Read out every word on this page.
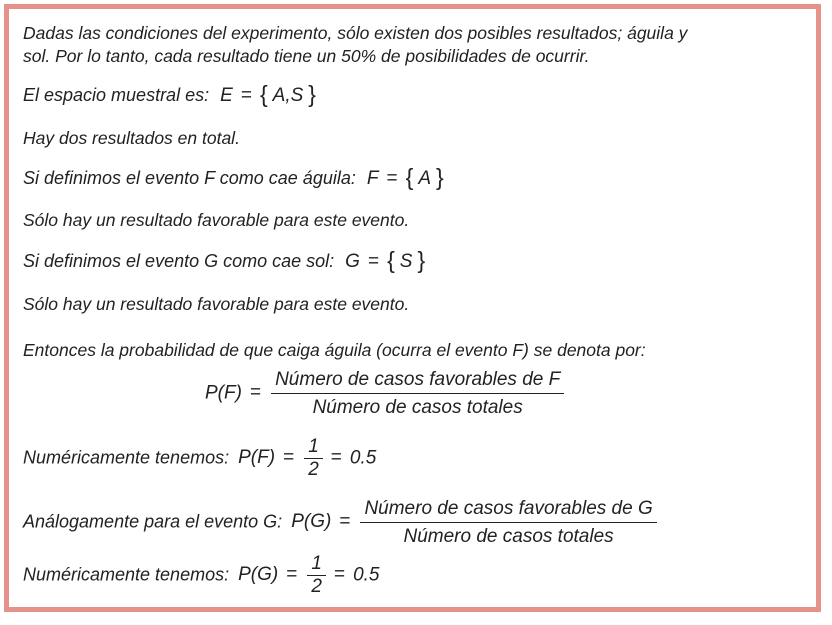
Dadas las condiciones del experimento, sólo existen dos posibles resultados; águila y
sol. Por lo tanto, cada resultado tiene un 50% de posibilidades de ocurrir.
El espacio muestral es: E = { A,S }
Hay dos resultados en total.
Si definimos el evento F como cae águila: F = { A }
Sólo hay un resultado favorable para este evento.
Si definimos el evento G como cae sol: G = { S }
Sólo hay un resultado favorable para este evento.
Entonces la probabilidad de que caiga águila (ocurra el evento F) se denota por:
$P(F) = \frac{\text{Número de casos favorables de F}}{\text{Número de casos totales}}$
Numéricamente tenemos: $P(F) = \frac{1}{2} = 0.5$
Análogamente para el evento G: $P(G) = \frac{\text{Número de casos favorables de G}}{\text{Número de casos totales}}$
Numéricamente tenemos: $P(G) = \frac{1}{2} = 0.5$
